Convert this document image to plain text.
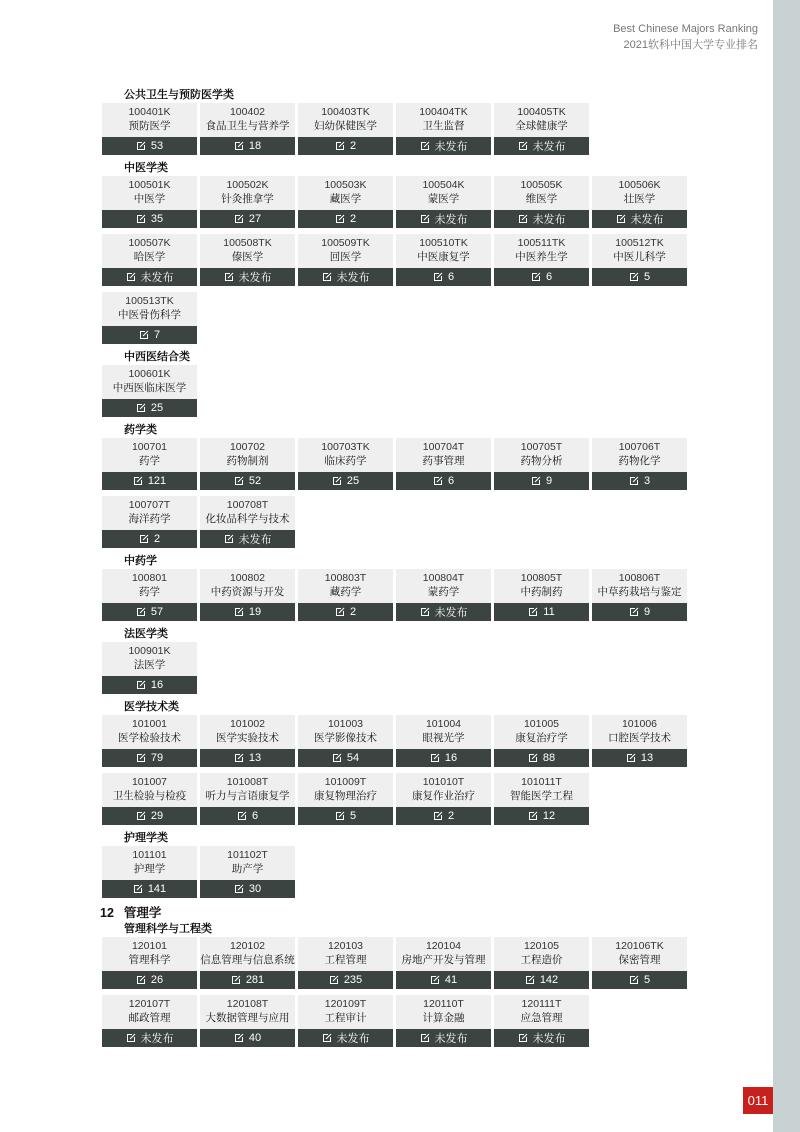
Best Chinese Majors Ranking
2021软科中国大学专业排名
公共卫生与预防医学类
100401K
预防医学
53
100402
食品卫生与营养学
18
100403TK
妇幼保健医学
2
100404TK
卫生监督
未发布
100405TK
全球健康学
未发布
中医学类
100501K
中医学
35
100502K
针灸推拿学
27
100503K
藏医学
2
100504K
蒙医学
未发布
100505K
维医学
未发布
100506K
壮医学
未发布
100507K
哈医学
未发布
100508TK
傣医学
未发布
100509TK
回医学
未发布
100510TK
中医康复学
6
100511TK
中医养生学
6
100512TK
中医儿科学
5
100513TK
中医骨伤科学
7
中西医结合类
100601K
中西医临床医学
25
药学类
100701
药学
121
100702
药物制剂
52
100703TK
临床药学
25
100704T
药事管理
6
100705T
药物分析
9
100706T
药物化学
3
100707T
海洋药学
2
100708T
化妆品科学与技术
未发布
中药学
100801
药学
57
100802
中药资源与开发
19
100803T
藏药学
2
100804T
蒙药学
未发布
100805T
中药制药
11
100806T
中草药栽培与鉴定
9
法医学类
100901K
法医学
16
医学技术类
101001
医学检验技术
79
101002
医学实验技术
13
101003
医学影像技术
54
101004
眼视光学
16
101005
康复治疗学
88
101006
口腔医学技术
13
101007
卫生检验与检疫
29
101008T
听力与言语康复学
6
101009T
康复物理治疗
5
101010T
康复作业治疗
2
101011T
智能医学工程
12
护理学类
101101
护理学
141
101102T
助产学
30
12 管理学
管理科学与工程类
120101
管理科学
26
120102
信息管理与信息系统
281
120103
工程管理
235
120104
房地产开发与管理
41
120105
工程造价
142
120106TK
保密管理
5
120107T
邮政管理
未发布
120108T
大数据管理与应用
40
120109T
工程审计
未发布
120110T
计算金融
未发布
120111T
应急管理
未发布
011
